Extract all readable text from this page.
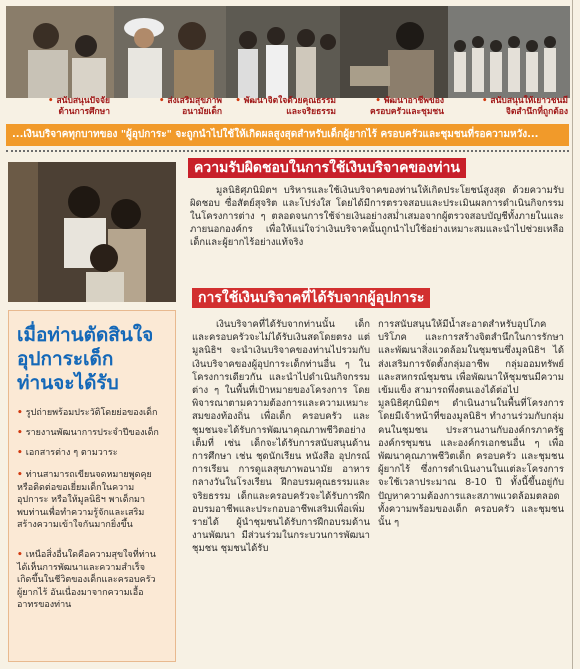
• สนับสนุนปัจจัย
ด้านการศึกษา
• ส่งเสริมสุขภาพ
อนามัยเด็ก
• พัฒนาจิตใจด้วยคุณธรรม
และจริยธรรม
• พัฒนาอาชีพของ
ครอบครัวและชุมชน
• สนับสนุนให้เยาวชนมี
จิตสำนึกที่ถูกต้อง
...เงินบริจาคทุกบาทของ "ผู้อุปการะ" จะถูกนำไปใช้ให้เกิดผลสูงสุดสำหรับเด็กผู้ยากไร้ ครอบครัวและชุมชนที่รอความหวัง...
ความรับผิดชอบในการใช้เงินบริจาคของท่าน
มูลนิธิศุภนิมิตฯ บริหารและใช้เงินบริจาคของท่านให้เกิดประโยชน์สูงสุด ด้วยความรับผิดชอบ ซื่อสัตย์สุจริต และโปร่งใส โดยได้มีการตรวจสอบและประเมินผลการดำเนินกิจกรรมในโครงการต่าง ๆ ตลอดจนการใช้จ่ายเงินอย่างสม่ำเสมอจากผู้ตรวจสอบบัญชีทั้งภายในและภายนอกองค์กร เพื่อให้แน่ใจว่าเงินบริจาคนั้นถูกนำไปใช้อย่างเหมาะสมและนำไปช่วยเหลือเด็กและผู้ยากไร้อย่างแท้จริง
การใช้เงินบริจาคที่ได้รับจากผู้อุปการะ
เมื่อท่านตัดสินใจ
อุปการะเด็ก
ท่านจะได้รับ
• รูปถ่ายพร้อมประวัติโดยย่อของเด็ก
• รายงานพัฒนาการประจำปีของเด็ก
• เอกสารต่าง ๆ ตามวาระ
• ท่านสามารถเขียนจดหมายพูดคุย
หรือติดต่อขอเยี่ยมเด็กในความ
อุปการะ หรือให้มูลนิธิฯ พาเด็กมา
พบท่านเพื่อทำความรู้จักและเสริม
สร้างความเข้าใจกันมากยิ่งขึ้น
• เหนือสิ่งอื่นใดคือความสุขใจที่ท่าน
ได้เห็นการพัฒนาและความสำเร็จ
เกิดขึ้นในชีวิตของเด็กและครอบครัว
ผู้ยากไร้ อันเนื่องมาจากความเอื้อ
อาทรของท่าน
เงินบริจาคที่ได้รับจากท่านนั้น เด็กและครอบครัวจะไม่ได้รับเงินสดโดยตรง แต่มูลนิธิฯ จะนำเงินบริจาคของท่านไปรวมกับเงินบริจาคของผู้อุปการะเด็กท่านอื่น ๆ ในโครงการเดียวกัน และนำไปดำเนินกิจกรรมต่าง ๆ ในพื้นที่เป้าหมายของโครงการ โดยพิจารณาตามความต้องการและความเหมาะสมของท้องถิ่น เพื่อเด็ก ครอบครัว และชุมชนจะได้รับการพัฒนาคุณภาพชีวิตอย่างเต็มที่ เช่น เด็กจะได้รับการสนับสนุนด้านการศึกษา เช่น ชุดนักเรียน หนังสือ อุปกรณ์การเรียน การดูแลสุขภาพอนามัย อาหารกลางวันในโรงเรียน ฝึกอบรมคุณธรรมและจริยธรรม เด็กและครอบครัวจะได้รับการฝึกอบรมอาชีพและประกอบอาชีพเสริมเพื่อเพิ่มรายได้ ผู้นำชุมชนได้รับการฝึกอบรมด้านงานพัฒนา มีส่วนร่วมในกระบวนการพัฒนาชุมชน ชุมชนได้รับ
การสนับสนุนให้มีน้ำสะอาดสำหรับอุปโภคบริโภค และการสร้างจิตสำนึกในการรักษาและพัฒนาสิ่งแวดล้อมในชุมชนซึ่งมูลนิธิฯ ได้ส่งเสริมการจัดตั้งกลุ่มอาชีพ กลุ่มออมทรัพย์และสหกรณ์ชุมชน เพื่อพัฒนาให้ชุมชนมีความเข้มแข็ง สามารถพึ่งตนเองได้ต่อไป
มูลนิธิศุภนิมิตฯ ดำเนินงานในพื้นที่โครงการโดยมีเจ้าหน้าที่ของมูลนิธิฯ ทำงานร่วมกับกลุ่มคนในชุมชน ประสานงานกับองค์กรภาครัฐ องค์กรชุมชน และองค์กรเอกชนอื่น ๆ เพื่อพัฒนาคุณภาพชีวิตเด็ก ครอบครัว และชุมชนผู้ยากไร้ ซึ่งการดำเนินงานในแต่ละโครงการจะใช้เวลาประมาณ 8-10 ปี ทั้งนี้ขึ้นอยู่กับปัญหาความต้องการและสภาพแวดล้อมตลอดทั้งความพร้อมของเด็ก ครอบครัว และชุมชนนั้น ๆ
